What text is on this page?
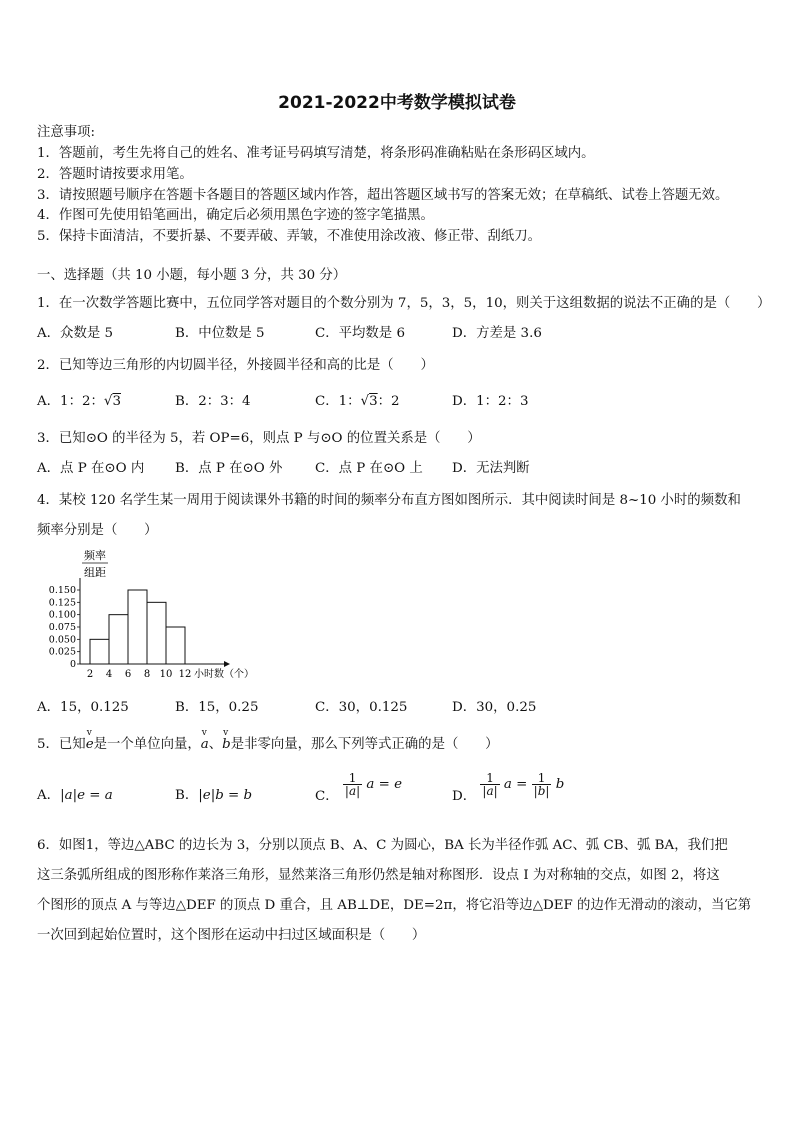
2021-2022中考数学模拟试卷
注意事项:
1．答题前，考生先将自己的姓名、准考证号码填写清楚，将条形码准确粘贴在条形码区域内。
2．答题时请按要求用笔。
3．请按照题号顺序在答题卡各题目的答题区域内作答，超出答题区域书写的答案无效；在草稿纸、试卷上答题无效。
4．作图可先使用铅笔画出，确定后必须用黑色字迹的签字笔描黑。
5．保持卡面清洁，不要折暴、不要弄破、弄皱，不准使用涂改液、修正带、刮纸刀。
一、选择题（共 10 小题，每小题 3 分，共 30 分）
1．在一次数学答题比赛中，五位同学答对题目的个数分别为 7，5，3，5，10，则关于这组数据的说法不正确的是（　　）
A．众数是 5	B．中位数是 5	C．平均数是 6	D．方差是 3.6
2．已知等边三角形的内切圆半径，外接圆半径和高的比是（　　）
A．1：2：√3	B．2：3：4	C．1：√3：2	D．1：2：3
3．已知⊙O 的半径为 5，若 OP=6，则点 P 与⊙O 的位置关系是（　　）
A．点 P 在⊙O 内 B．点 P 在⊙O 外 C．点 P 在⊙O 上 D．无法判断
4．某校 120 名学生某一周用于阅读课外书籍的时间的频率分布直方图如图所示．其中阅读时间是 8~10 小时的频数和
频率分别是（　　）
频率
组距
0
0.025
0.050
0.075
0.100
0.125
0.150
2 4 6 8 10 12 小时数（个）
A．15，0.125	B．15，0.25	C．30，0.125	D．30，0.25
5．已知
v
e是一个单位向量，
v
a、
v
b是非零向量，那么下列等式正确的是（　　）
A．|a|e = a	B．|e|b = b	C． $\frac{1}{|a|}$ a = e
D． $\frac{1}{|a|}$ $a = \frac{1}{|b|}$ b
6．如图1，等边△ABC 的边长为 3，分别以顶点 B、A、C 为圆心，BA 长为半径作弧 AC、弧 CB、弧 BA，我们把
这三条弧所组成的图形称作莱洛三角形，显然莱洛三角形仍然是轴对称图形．设点 I 为对称轴的交点，如图 2，将这
个图形的顶点 A 与等边△DEF 的顶点 D 重合，且 AB⊥DE，DE=2π，将它沿等边△DEF 的边作无滑动的滚动，当它第
一次回到起始位置时，这个图形在运动中扫过区域面积是（　　）
